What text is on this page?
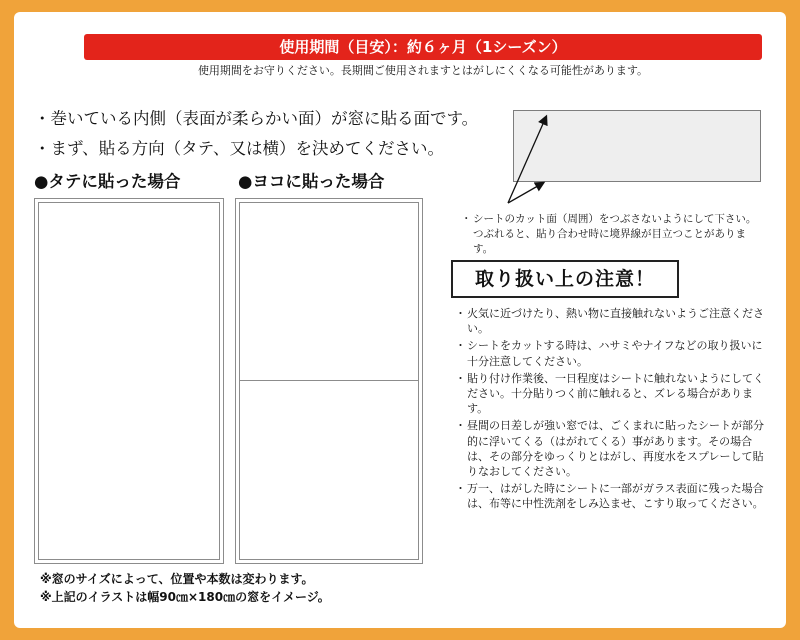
使用期間（目安）：約６ヶ月（1シーズン）
使用期間をお守りください。長期間ご使用されますとはがしにくくなる可能性があります。
・巻いている内側（表面が柔らかい面）が窓に貼る面です。
・まず、貼る方向（タテ、又は横）を決めてください。
●タテに貼った場合	●ヨコに貼った場合
・ シートのカット面（周囲）をつぶさないようにして下さい。つぶれると、貼り合わせ時に境界線が目立つことがあります。
取り扱い上の注意！
・ 火気に近づけたり、熱い物に直接触れないようご注意ください。
・ シートをカットする時は、ハサミやナイフなどの取り扱いに十分注意してください。
・ 貼り付け作業後、一日程度はシートに触れないようにしてください。十分貼りつく前に触れると、ズレる場合があります。
・ 昼間の日差しが強い窓では、ごくまれに貼ったシートが部分的に浮いてくる（はがれてくる）事があります。その場合は、その部分をゆっくりとはがし、再度水をスプレーして貼りなおしてください。
・ 万一、はがした時にシートに一部がガラス表面に残った場合は、布等に中性洗剤をしみ込ませ、こすり取ってください。
※窓のサイズによって、位置や本数は変わります。
※上記のイラストは幅90㎝×180㎝の窓をイメージ。
